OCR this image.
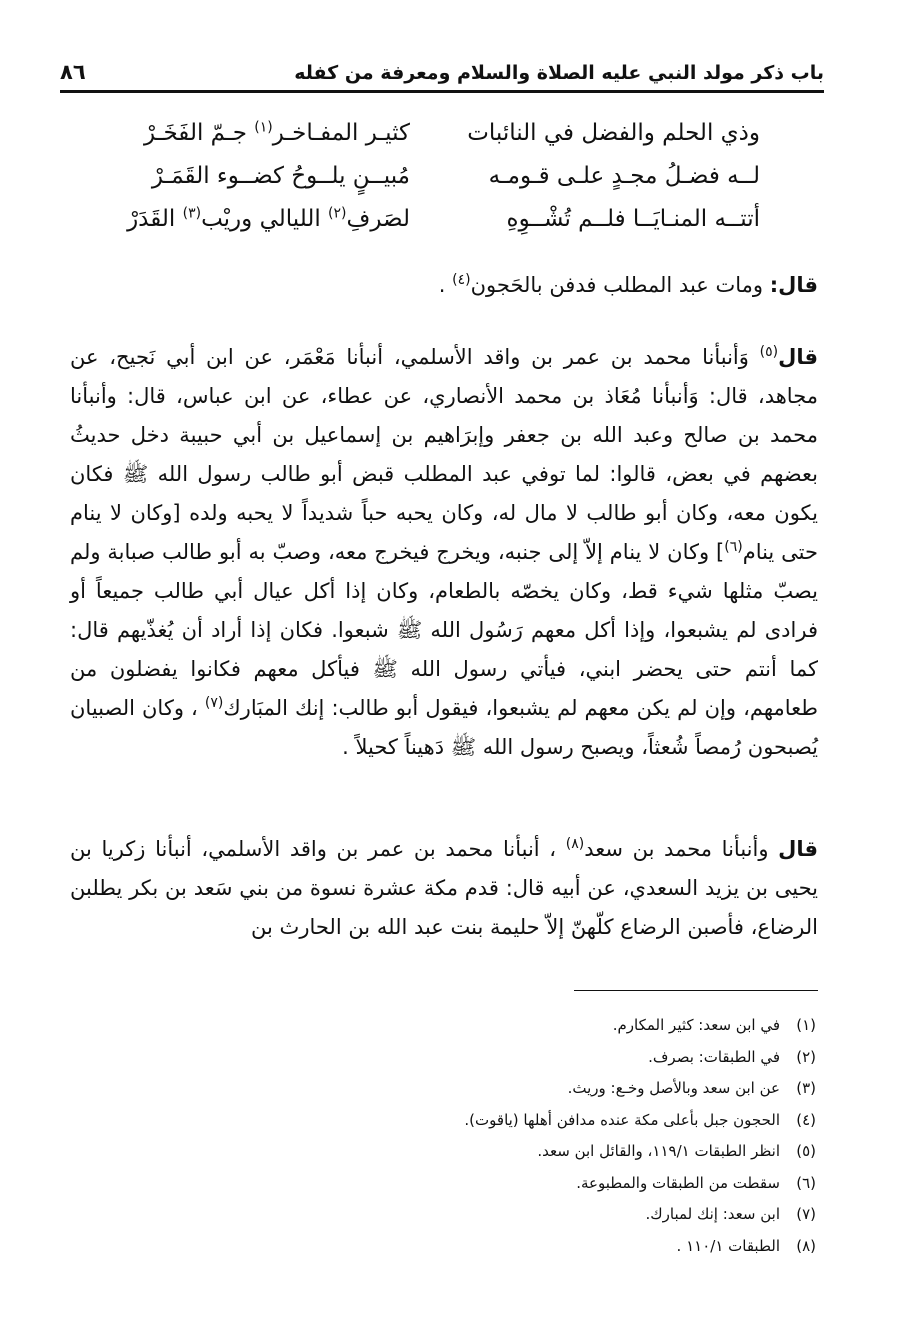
باب ذكر مولد النبي عليه الصلاة والسلام ومعرفة من كفله
٨٦
وذي الحلم والفضل في النائبات
كثيـر المفـاخـر$^{(١)}$ جـمّ الفَخَـرْ
لــه فضـلُ مجـدٍ علـى قـومـه
مُبيــنٍ يلــوحُ كضــوء القَمَـرْ
أتتــه المنـايَــا فلــم تُشْــوِهِ
لصَرفِ$^{(٢)}$ الليالي وريْب$^{(٣)}$ القَدَرْ
قال: ومات عبد المطلب فدفن بالحَجون$^{(٤)}$ .
قال$^{(٥)}$ وَأنبأنا محمد بن عمر بن واقد الأسلمي، أنبأنا مَعْمَر، عن ابن أبي نَجيح، عن مجاهد، قال: وَأنبأنا مُعَاذ بن محمد الأنصاري، عن عطاء، عن ابن عباس، قال: وأنبأنا محمد بن صالح وعبد الله بن جعفر وإبرَاهيم بن إسماعيل بن أبي حبيبة دخل حديثُ بعضهم في بعض، قالوا: لما توفي عبد المطلب قبض أبو طالب رسول الله ﷺ فكان يكون معه، وكان أبو طالب لا مال له، وكان يحبه حباً شديداً لا يحبه ولده [وكان لا ينام حتى ينام$^{(٦)}$] وكان لا ينام إلاّ إلى جنبه، ويخرج فيخرج معه، وصبّ به أبو طالب صبابة ولم يصبّ مثلها شيء قط، وكان يخصّه بالطعام، وكان إذا أكل عيال أبي طالب جميعاً أو فرادى لم يشبعوا، وإذا أكل معهم رَسُول الله ﷺ شبعوا. فكان إذا أراد أن يُغذّيهم قال: كما أنتم حتى يحضر ابني، فيأتي رسول الله ﷺ فيأكل معهم فكانوا يفضلون من طعامهم، وإن لم يكن معهم لم يشبعوا، فيقول أبو طالب: إنك المبَارك$^{(٧)}$ ، وكان الصبيان يُصبحون رُمصاً شُعثاً، ويصبح رسول الله ﷺ دَهيناً كحيلاً .
قال وأنبأنا محمد بن سعد$^{(٨)}$ ، أنبأنا محمد بن عمر بن واقد الأسلمي، أنبأنا زكريا بن يحيى بن يزيد السعدي، عن أبيه قال: قدم مكة عشرة نسوة من بني سَعد بن بكر يطلبن الرضاع، فأصبن الرضاع كلّهنّ إلاّ حليمة بنت عبد الله بن الحارث بن
(١)
في ابن سعد: كثير المكارم.
(٢)
في الطبقات: بصرف.
(٣)
عن ابن سعد وبالأصل وخـع: وريث.
(٤)
الحجون جبل بأعلى مكة عنده مدافن أهلها (ياقوت).
(٥)
انظر الطبقات ١١٩/١، والقائل ابن سعد.
(٦)
سقطت من الطبقات والمطبوعة.
(٧)
ابن سعد: إنك لمبارك.
(٨)
الطبقات ١١٠/١ .
